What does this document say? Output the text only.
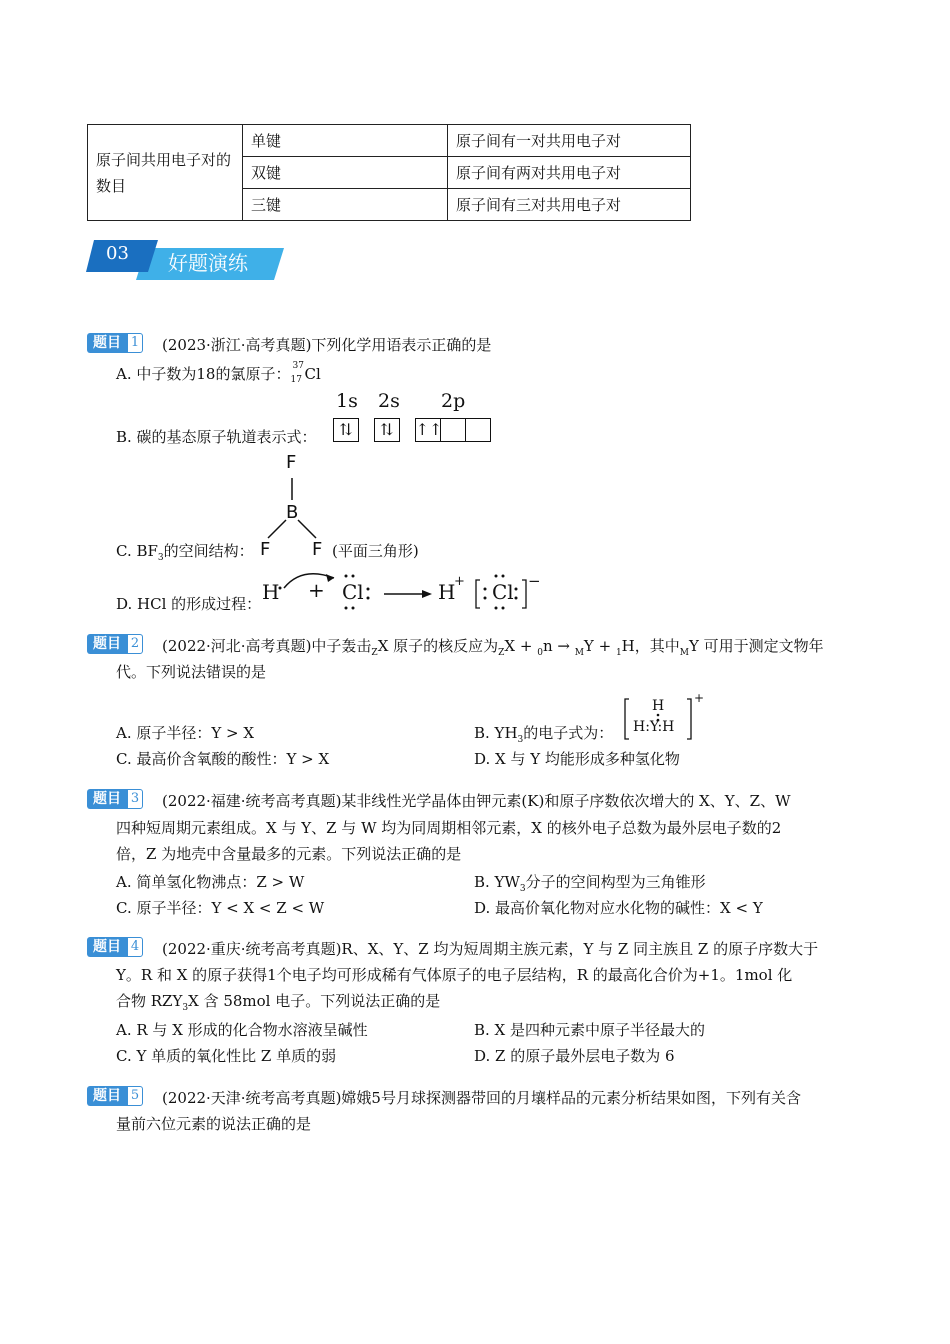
原子间共用电子对的数目	单键	原子间有一对共用电子对
	双键	原子间有两对共用电子对
	三键	原子间有三对共用电子对
03 好题演练
题目 1 (2023·浙江·高考真题)下列化学用语表示正确的是
A. 中子数为18的氯原子： 37
17 Cl
B. 碳的基态原子轨道表示式：
1s 2s 2p
⇅ ⇅ ↑↑
F
B
F F
C. $BF_3$的空间结构：	(平面三角形)
D. HCl 的形成过程： H + Cl	H
+ Cl −
题目 2 (2022·河北·高考真题)中子轰击$_Z$X 原子的核反应为$_Z$X + $_0$n → $_M$Y + $_1$H，其中$_M$Y 可用于测定文物年
代。下列说法错误的是
A. 原子半径：Y > X	B. $YH_3$的电子式为：
H
H:Y:H
+
C. 最高价含氧酸的酸性：Y > X	D. X 与 Y 均能形成多种氢化物
题目 3 (2022·福建·统考高考真题)某非线性光学晶体由钾元素(K)和原子序数依次增大的 X、Y、Z、W
四种短周期元素组成。X 与 Y、Z 与 W 均为同周期相邻元素，X 的核外电子总数为最外层电子数的2
倍，Z 为地壳中含量最多的元素。下列说法正确的是
A. 简单氢化物沸点：Z > W	B. $YW_3$分子的空间构型为三角锥形
C. 原子半径：Y < X < Z < W	D. 最高价氧化物对应水化物的碱性：X < Y
题目 4 (2022·重庆·统考高考真题)R、X、Y、Z 均为短周期主族元素，Y 与 Z 同主族且 Z 的原子序数大于
Y。R 和 X 的原子获得1个电子均可形成稀有气体原子的电子层结构，R 的最高化合价为+1。1mol 化
合物 $RZY_3X$ 含 58mol 电子。下列说法正确的是
A. R 与 X 形成的化合物水溶液呈碱性	B. X 是四种元素中原子半径最大的
C. Y 单质的氧化性比 Z 单质的弱	D. Z 的原子最外层电子数为 6
题目 5 (2022·天津·统考高考真题)嫦娥5号月球探测器带回的月壤样品的元素分析结果如图，下列有关含
量前六位元素的说法正确的是
